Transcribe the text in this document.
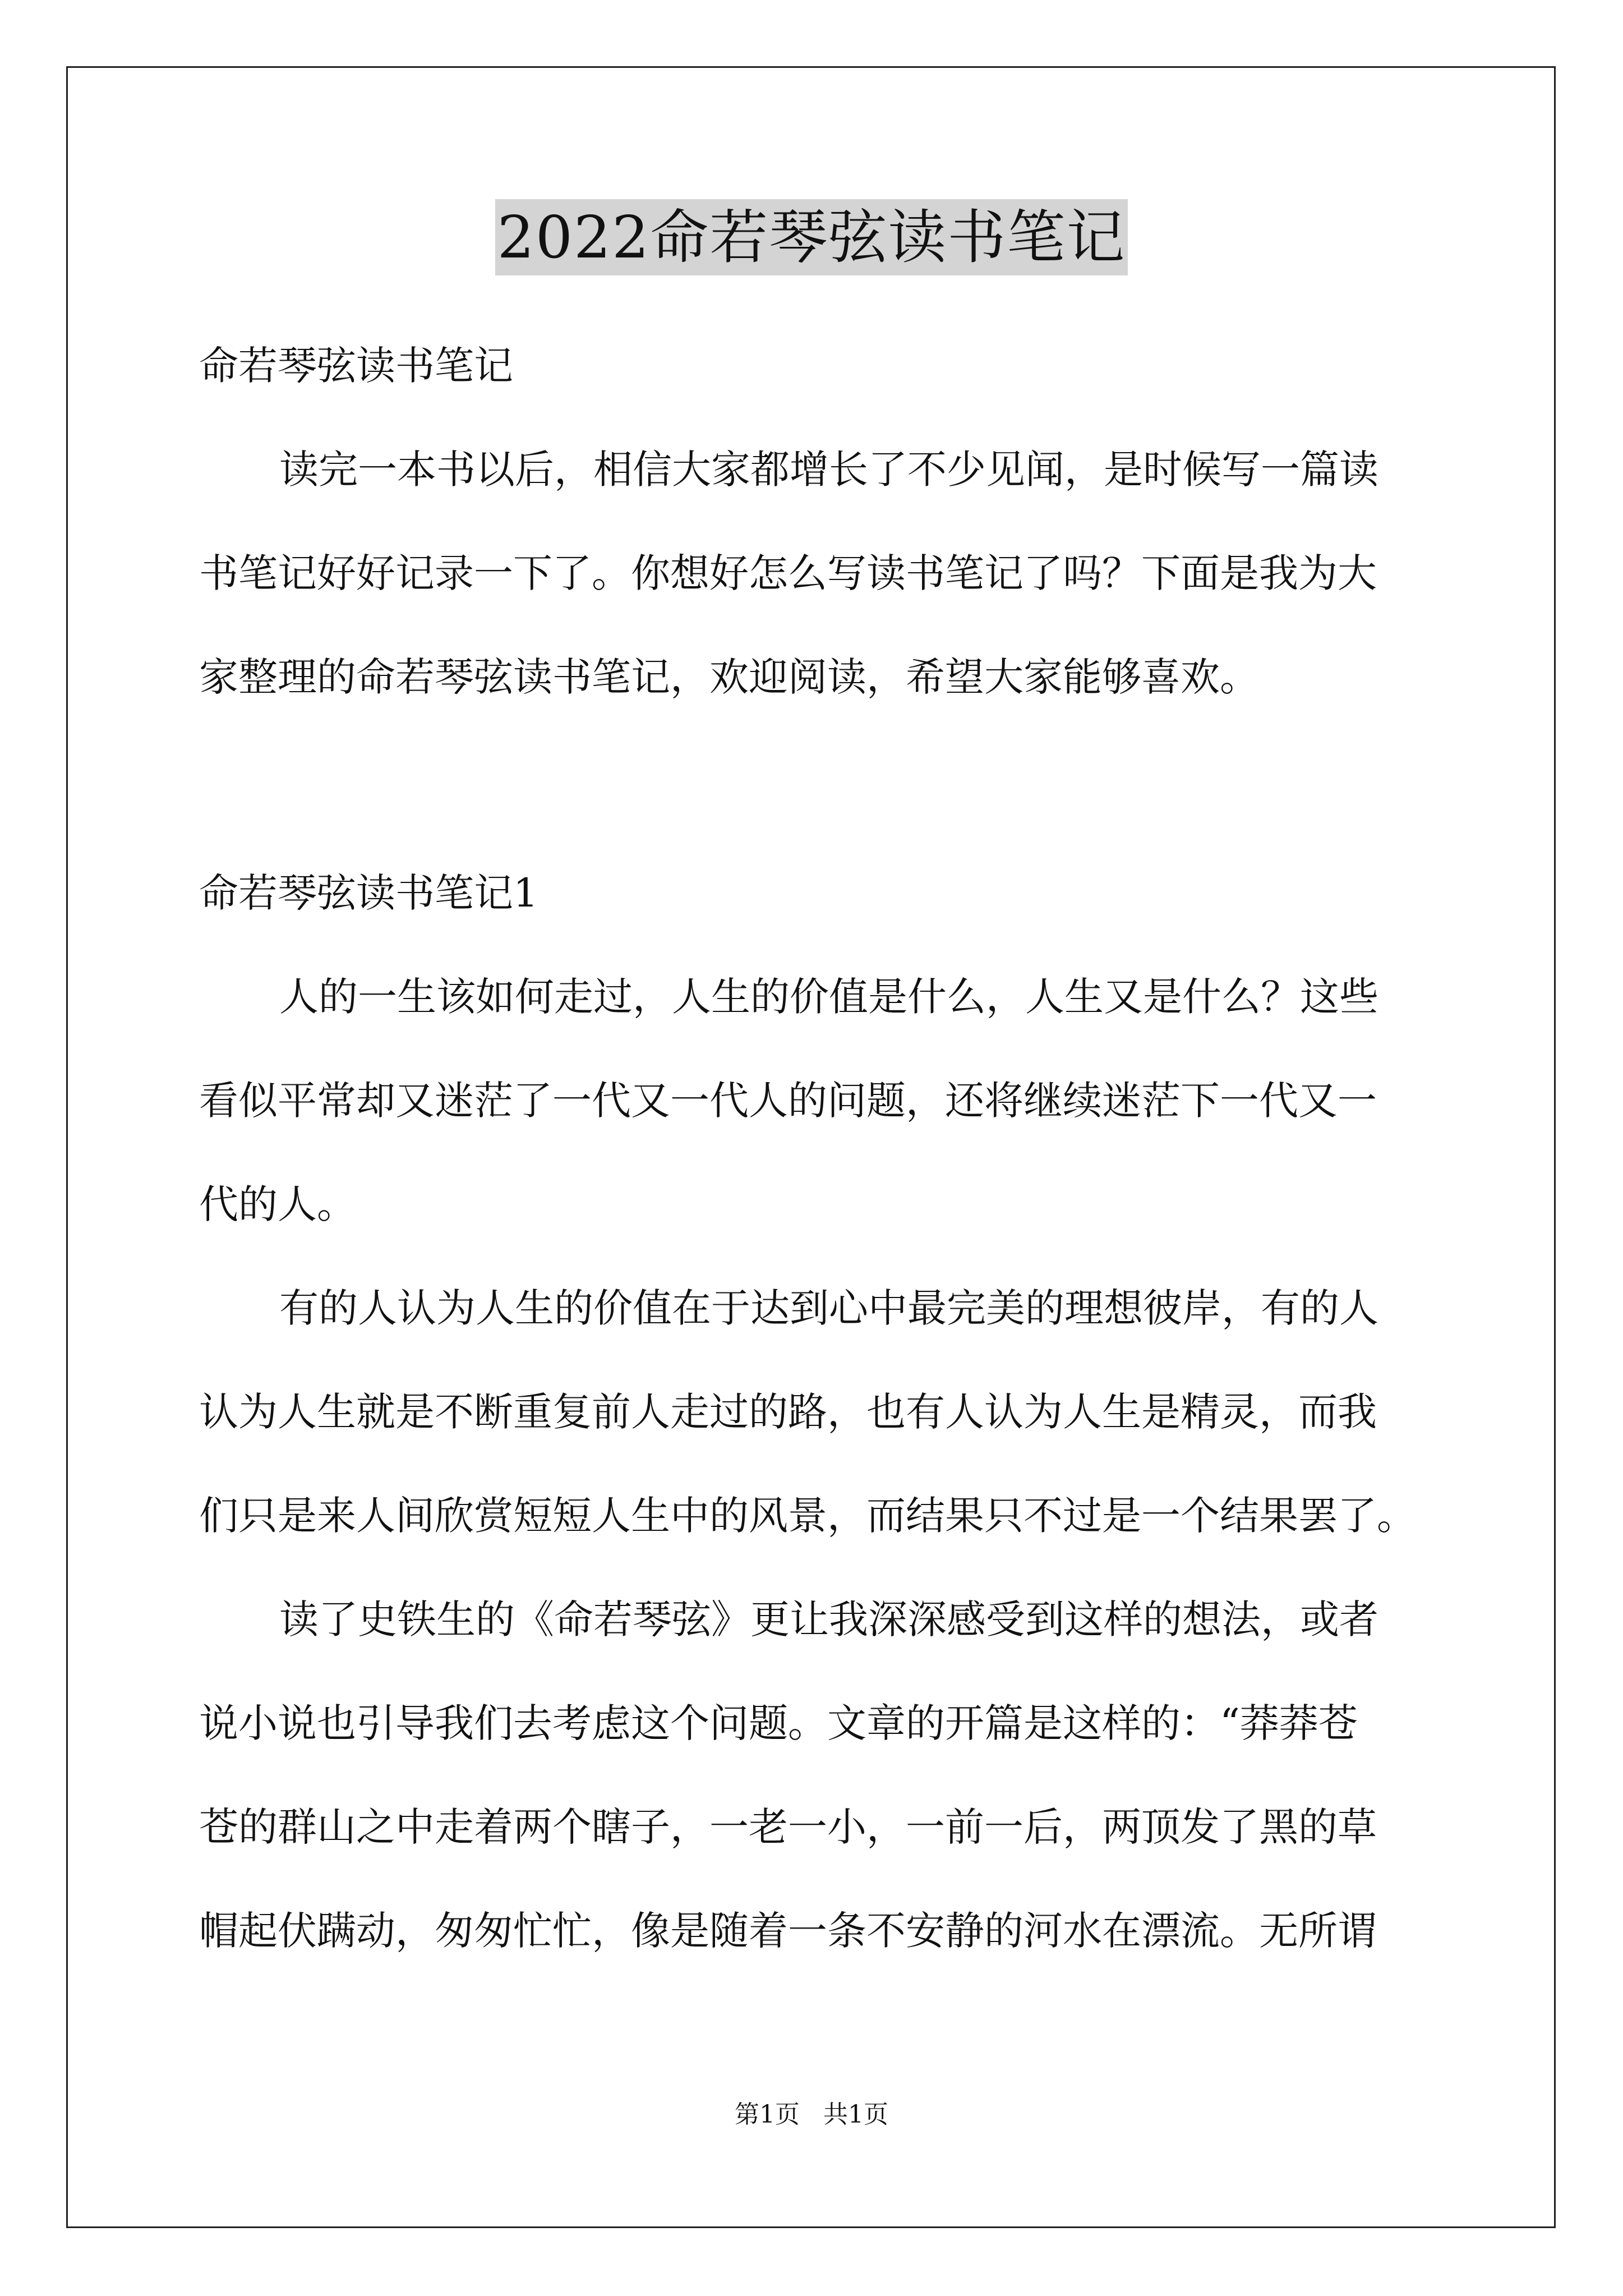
2022命若琴弦读书笔记
命若琴弦读书笔记
读完一本书以后，相信大家都增长了不少见闻，是时候写一篇读
书笔记好好记录一下了。你想好怎么写读书笔记了吗？下面是我为大
家整理的命若琴弦读书笔记，欢迎阅读，希望大家能够喜欢。
命若琴弦读书笔记1
人的一生该如何走过，人生的价值是什么，人生又是什么？这些
看似平常却又迷茫了一代又一代人的问题，还将继续迷茫下一代又一
代的人。
有的人认为人生的价值在于达到心中最完美的理想彼岸，有的人
认为人生就是不断重复前人走过的路，也有人认为人生是精灵，而我
们只是来人间欣赏短短人生中的风景，而结果只不过是一个结果罢了。
读了史铁生的《命若琴弦》更让我深深感受到这样的想法，或者
说小说也引导我们去考虑这个问题。文章的开篇是这样的：“莽莽苍
苍的群山之中走着两个瞎子，一老一小，一前一后，两顶发了黑的草
帽起伏蹒动，匆匆忙忙，像是随着一条不安静的河水在漂流。无所谓
第1页 共1页
